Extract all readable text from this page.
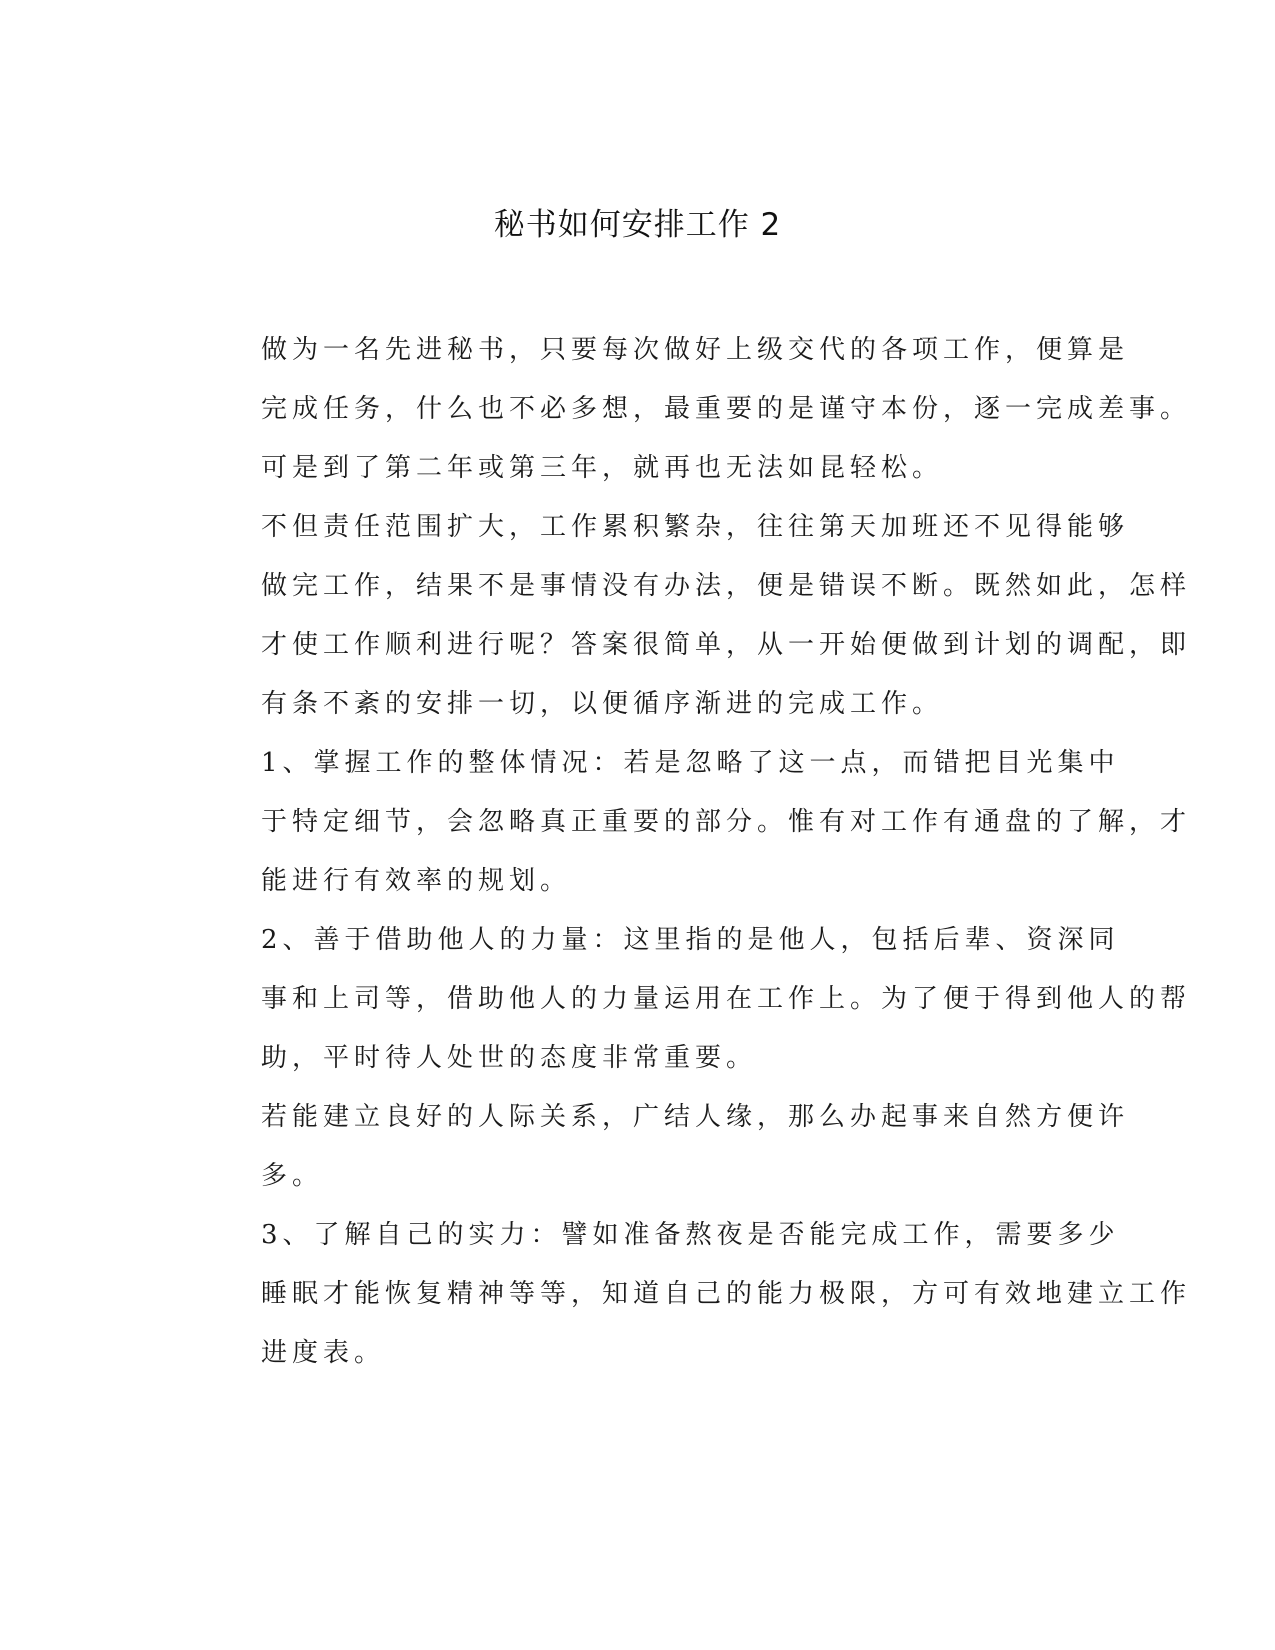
秘书如何安排工作 2

做为一名先进秘书，只要每次做好上级交代的各项工作，便算是
完成任务，什么也不必多想，最重要的是谨守本份，逐一完成差事。
可是到了第二年或第三年，就再也无法如昆轻松。

不但责任范围扩大，工作累积繁杂，往往第天加班还不见得能够
做完工作，结果不是事情没有办法，便是错误不断。既然如此，怎样
才使工作顺利进行呢？答案很简单，从一开始便做到计划的调配，即
有条不紊的安排一切，以便循序渐进的完成工作。

1、掌握工作的整体情况：若是忽略了这一点，而错把目光集中
于特定细节，会忽略真正重要的部分。惟有对工作有通盘的了解，才
能进行有效率的规划。

2、善于借助他人的力量：这里指的是他人，包括后辈、资深同
事和上司等，借助他人的力量运用在工作上。为了便于得到他人的帮
助，平时待人处世的态度非常重要。

若能建立良好的人际关系，广结人缘，那么办起事来自然方便许
多。

3、了解自己的实力：譬如准备熬夜是否能完成工作，需要多少
睡眠才能恢复精神等等，知道自己的能力极限，方可有效地建立工作
进度表。
